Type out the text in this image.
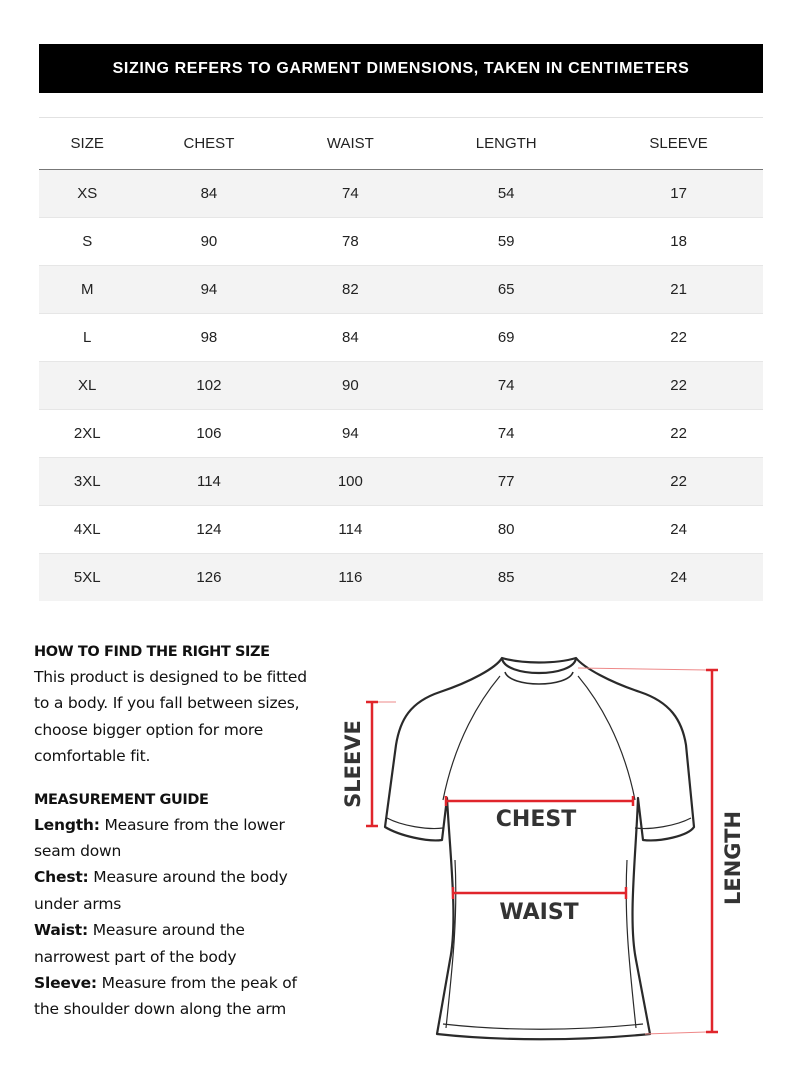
SIZING REFERS TO GARMENT DIMENSIONS, TAKEN IN CENTIMETERS
SIZE	CHEST	WAIST	LENGTH	SLEEVE
XS	84	74	54	17
S	90	78	59	18
M	94	82	65	21
L	98	84	69	22
XL	102	90	74	22
2XL	106	94	74	22
3XL	114	100	77	22
4XL	124	114	80	24
5XL	126	116	85	24
HOW TO FIND THE RIGHT SIZE

This product is designed to be fitted to a body. If you fall between sizes, choose bigger option for more comfortable fit.

MEASUREMENT GUIDE

Length: Measure from the lower seam down

Chest: Measure around the body under arms

Waist: Measure around the narrowest part of the body

Sleeve: Measure from the peak of the shoulder down along the arm

SLEEVE
CHEST
WAIST
LENGTH
